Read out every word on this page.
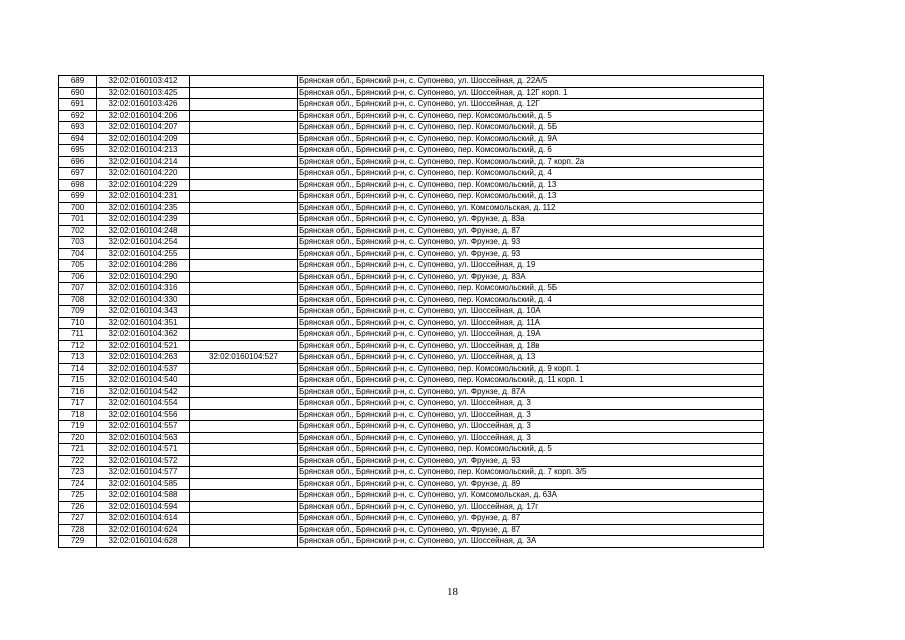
689	32:02:0160103:412		Брянская обл., Брянский р-н, с. Супонево, ул. Шоссейная, д. 22А/5
690	32:02:0160103:425		Брянская обл., Брянский р-н, с. Супонево, ул. Шоссейная, д. 12Г корп. 1
691	32:02:0160103:426		Брянская обл., Брянский р-н, с. Супонево, ул. Шоссейная, д. 12Г
692	32:02:0160104:206		Брянская обл., Брянский р-н, с. Супонево, пер. Комсомольский, д. 5
693	32:02:0160104:207		Брянская обл., Брянский р-н, с. Супонево, пер. Комсомольский, д. 5Б
694	32:02:0160104:209		Брянская обл., Брянский р-н, с. Супонево, пер. Комсомольский, д. 9А
695	32:02:0160104:213		Брянская обл., Брянский р-н, с. Супонево, пер. Комсомольский, д. 6
696	32:02:0160104:214		Брянская обл., Брянский р-н, с. Супонево, пер. Комсомольский, д. 7 корп. 2а
697	32:02:0160104:220		Брянская обл., Брянский р-н, с. Супонево, пер. Комсомольский, д. 4
698	32:02:0160104:229		Брянская обл., Брянский р-н, с. Супонево, пер. Комсомольский, д. 13
699	32:02:0160104:231		Брянская обл., Брянский р-н, с. Супонево, пер. Комсомольский, д. 13
700	32:02:0160104:235		Брянская обл., Брянский р-н, с. Супонево, ул. Комсомольская, д. 112
701	32:02:0160104:239		Брянская обл., Брянский р-н, с. Супонево, ул. Фрунзе, д. 83а
702	32:02:0160104:248		Брянская обл., Брянский р-н, с. Супонево, ул. Фрунзе, д. 87
703	32:02:0160104:254		Брянская обл., Брянский р-н, с. Супонево, ул. Фрунзе, д. 93
704	32:02:0160104:255		Брянская обл., Брянский р-н, с. Супонево, ул. Фрунзе, д. 93
705	32:02:0160104:286		Брянская обл., Брянский р-н, с. Супонево, ул. Шоссейная, д. 19
706	32:02:0160104:290		Брянская обл., Брянский р-н, с. Супонево, ул. Фрунзе, д. 83А
707	32:02:0160104:316		Брянская обл., Брянский р-н, с. Супонево, пер. Комсомольский, д. 5Б
708	32:02:0160104:330		Брянская обл., Брянский р-н, с. Супонево, пер. Комсомольский, д. 4
709	32:02:0160104:343		Брянская обл., Брянский р-н, с. Супонево, ул. Шоссейная, д. 10А
710	32:02:0160104:351		Брянская обл., Брянский р-н, с. Супонево, ул. Шоссейная, д. 11А
711	32:02:0160104:362		Брянская обл., Брянский р-н, с. Супонево, ул. Шоссейная, д. 19А
712	32:02:0160104:521		Брянская обл., Брянский р-н, с. Супонево, ул. Шоссейная, д. 18в
713	32:02:0160104:263	32:02:0160104:527	Брянская обл., Брянский р-н, с. Супонево, ул. Шоссейная, д. 13
714	32:02:0160104:537		Брянская обл., Брянский р-н, с. Супонево, пер. Комсомольский, д. 9 корп. 1
715	32:02:0160104:540		Брянская обл., Брянский р-н, с. Супонево, пер. Комсомольский, д. 11 корп. 1
716	32:02:0160104:542		Брянская обл., Брянский р-н, с. Супонево, ул. Фрунзе, д. 87А
717	32:02:0160104:554		Брянская обл., Брянский р-н, с. Супонево, ул. Шоссейная, д. 3
718	32:02:0160104:556		Брянская обл., Брянский р-н, с. Супонево, ул. Шоссейная, д. 3
719	32:02:0160104:557		Брянская обл., Брянский р-н, с. Супонево, ул. Шоссейная, д. 3
720	32:02:0160104:563		Брянская обл., Брянский р-н, с. Супонево, ул. Шоссейная, д. 3
721	32:02:0160104:571		Брянская обл., Брянский р-н, с. Супонево, пер. Комсомольский, д. 5
722	32:02:0160104:572		Брянская обл., Брянский р-н, с. Супонево, ул. Фрунзе, д. 93
723	32:02:0160104:577		Брянская обл., Брянский р-н, с. Супонево, пер. Комсомольский, д. 7 корп. 3/5
724	32:02:0160104:585		Брянская обл., Брянский р-н, с. Супонево, ул. Фрунзе, д. 89
725	32:02:0160104:588		Брянская обл., Брянский р-н, с. Супонево, ул. Комсомольская, д. 63А
726	32:02:0160104:594		Брянская обл., Брянский р-н, с. Супонево, ул. Шоссейная, д. 17г
727	32:02:0160104:614		Брянская обл., Брянский р-н, с. Супонево, ул. Фрунзе, д. 87
728	32:02:0160104:624		Брянская обл., Брянский р-н, с. Супонево, ул. Фрунзе, д. 87
729	32:02:0160104:628		Брянская обл., Брянский р-н, с. Супонево, ул. Шоссейная, д. 3А
18
